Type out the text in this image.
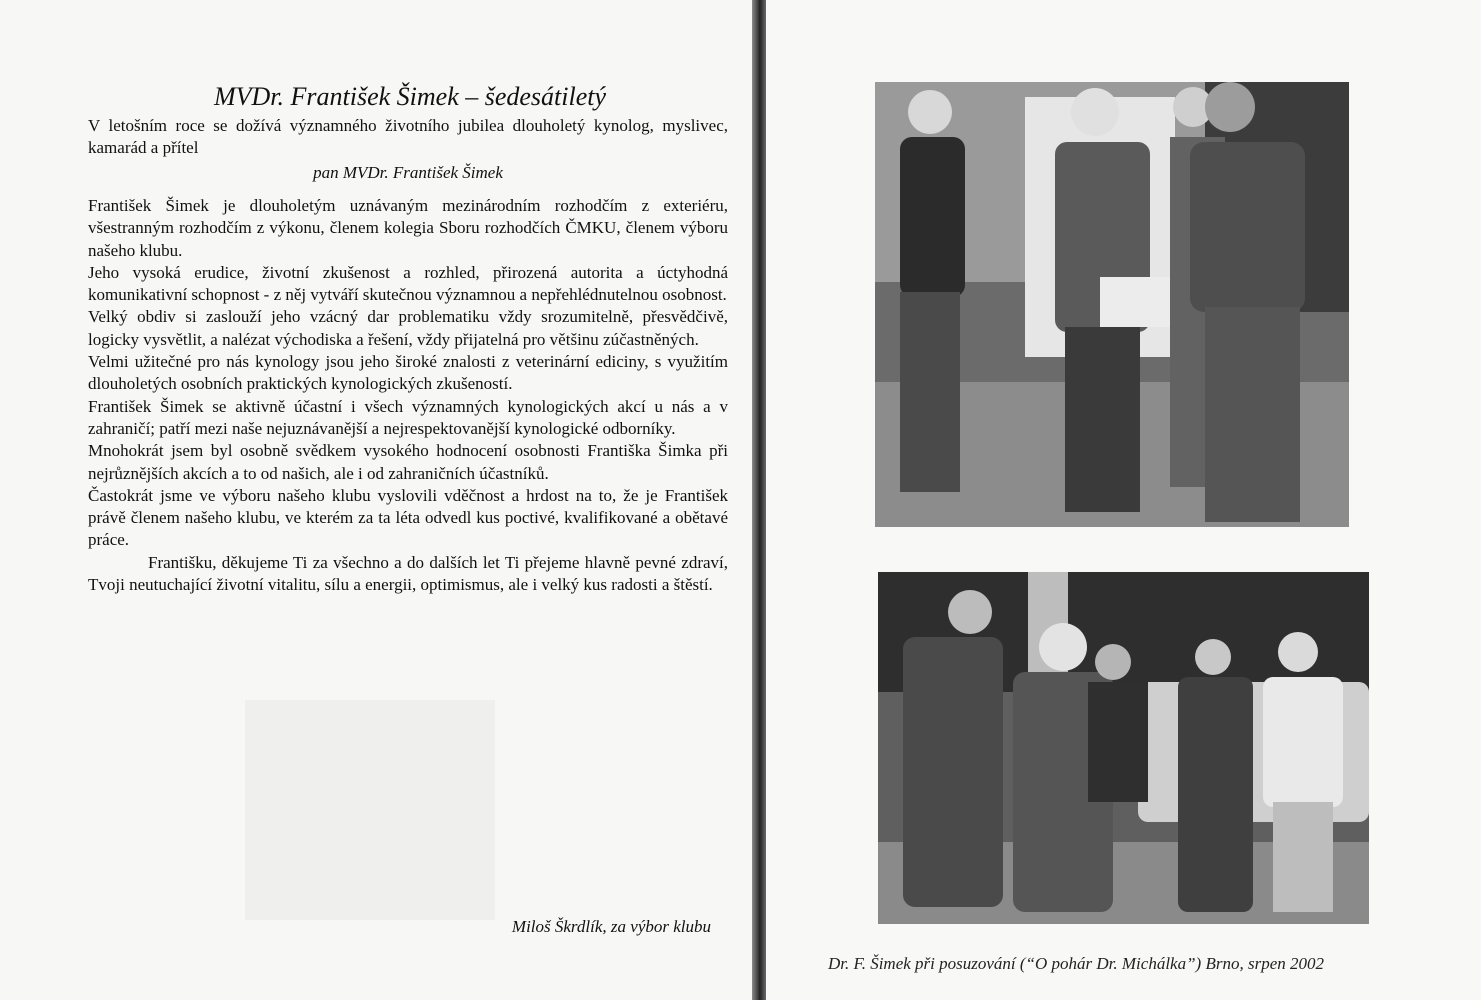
MVDr. František Šimek – šedesátiletý
V letošním roce se dožívá významného životního jubilea dlouholetý kynolog, myslivec, kamarád a přítel
pan MVDr. František Šimek

František Šimek je dlouholetým uznávaným mezinárodním rozhodčím z exteriéru, všestranným rozhodčím z výkonu, členem kolegia Sboru rozhodčích ČMKU, členem výboru našeho klubu.

Jeho vysoká erudice, životní zkušenost a rozhled, přirozená autorita a úctyhodná komunikativní schopnost - z něj vytváří skutečnou významnou a nepřehlédnutelnou osobnost.

Velký obdiv si zaslouží jeho vzácný dar problematiku vždy srozumitelně, přesvědčivě, logicky vysvětlit, a nalézat východiska a řešení, vždy přijatelná pro většinu zúčastněných.

Velmi užitečné pro nás kynology jsou jeho široké znalosti z veterinární ediciny, s využitím dlouholetých osobních praktických kynologických zkušeností.

František Šimek se aktivně účastní i všech významných kynologických akcí u nás a v zahraničí; patří mezi naše nejuznávanější a nejrespektovanější kynologické odborníky.

Mnohokrát jsem byl osobně svědkem vysokého hodnocení osobnosti Františka Šimka při nejrůznějších akcích a to od našich, ale i od zahraničních účastníků.

Častokrát jsme ve výboru našeho klubu vyslovili vděčnost a hrdost na to, že je František právě členem našeho klubu, ve kterém za ta léta odvedl kus poctivé, kvalifikované a obětavé práce.

Františku, děkujeme Ti za všechno a do dalších let Ti přejeme hlavně pevné zdraví, Tvoji neutuchající životní vitalitu, sílu a energii, optimismus, ale i velký kus radosti a štěstí.

Miloš Škrdlík, za výbor klubu
Dr. F. Šimek při posuzování (“O pohár Dr. Michálka”) Brno, srpen 2002
